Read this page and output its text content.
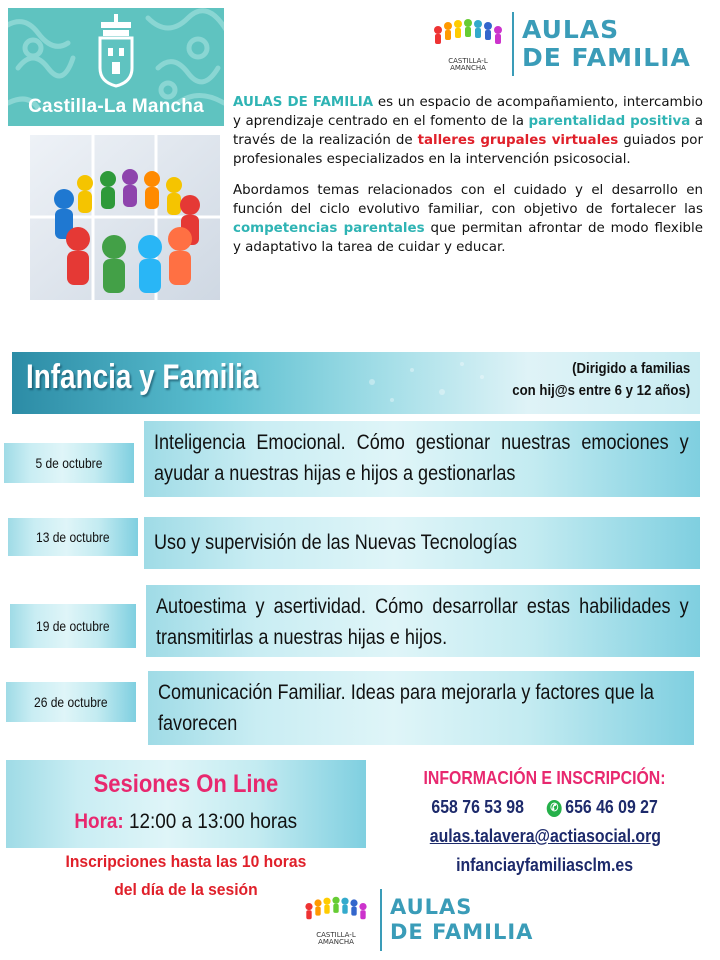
Castilla-La Mancha
CASTILLA-LAMANCHA
AULAS
DE FAMILIA

AULAS DE FAMILIA es un espacio de acompañamiento, intercambio y aprendizaje centrado en el fomento de la parentalidad positiva a través de la realización de talleres grupales virtuales guiados por profesionales especializados en la intervención psicosocial.

Abordamos temas relacionados con el cuidado y el desarrollo en función del ciclo evolutivo familiar, con objetivo de fortalecer las competencias parentales que permitan afrontar de modo flexible y adaptativo la tarea de cuidar y educar.

Infancia y Familia	(Dirigido a familias
con hij@s entre 6 y 12 años)
5 de octubre
Inteligencia Emocional. Cómo gestionar nuestras emociones y ayudar a nuestras hijas e hijos a gestionarlas
13 de octubre Uso y supervisión de las Nuevas Tecnologías
19 de octubre
Autoestima y asertividad. Cómo desarrollar estas habilidades y transmitirlas a nuestras hijas e hijos.
26 de octubre Comunicación Familiar. Ideas para mejorarla y factores que la favorecen
Sesiones On Line
Hora: 12:00 a 13:00 horas
Inscripciones hasta las 10 horas
del día de la sesión
INFORMACIÓN E INSCRIPCIÓN:
658 76 53 98 ✆ 656 46 09 27
aulas.talavera@actiasocial.org
infanciayfamiliasclm.es
CASTILLA-LAMANCHA
AULAS
DE FAMILIA
